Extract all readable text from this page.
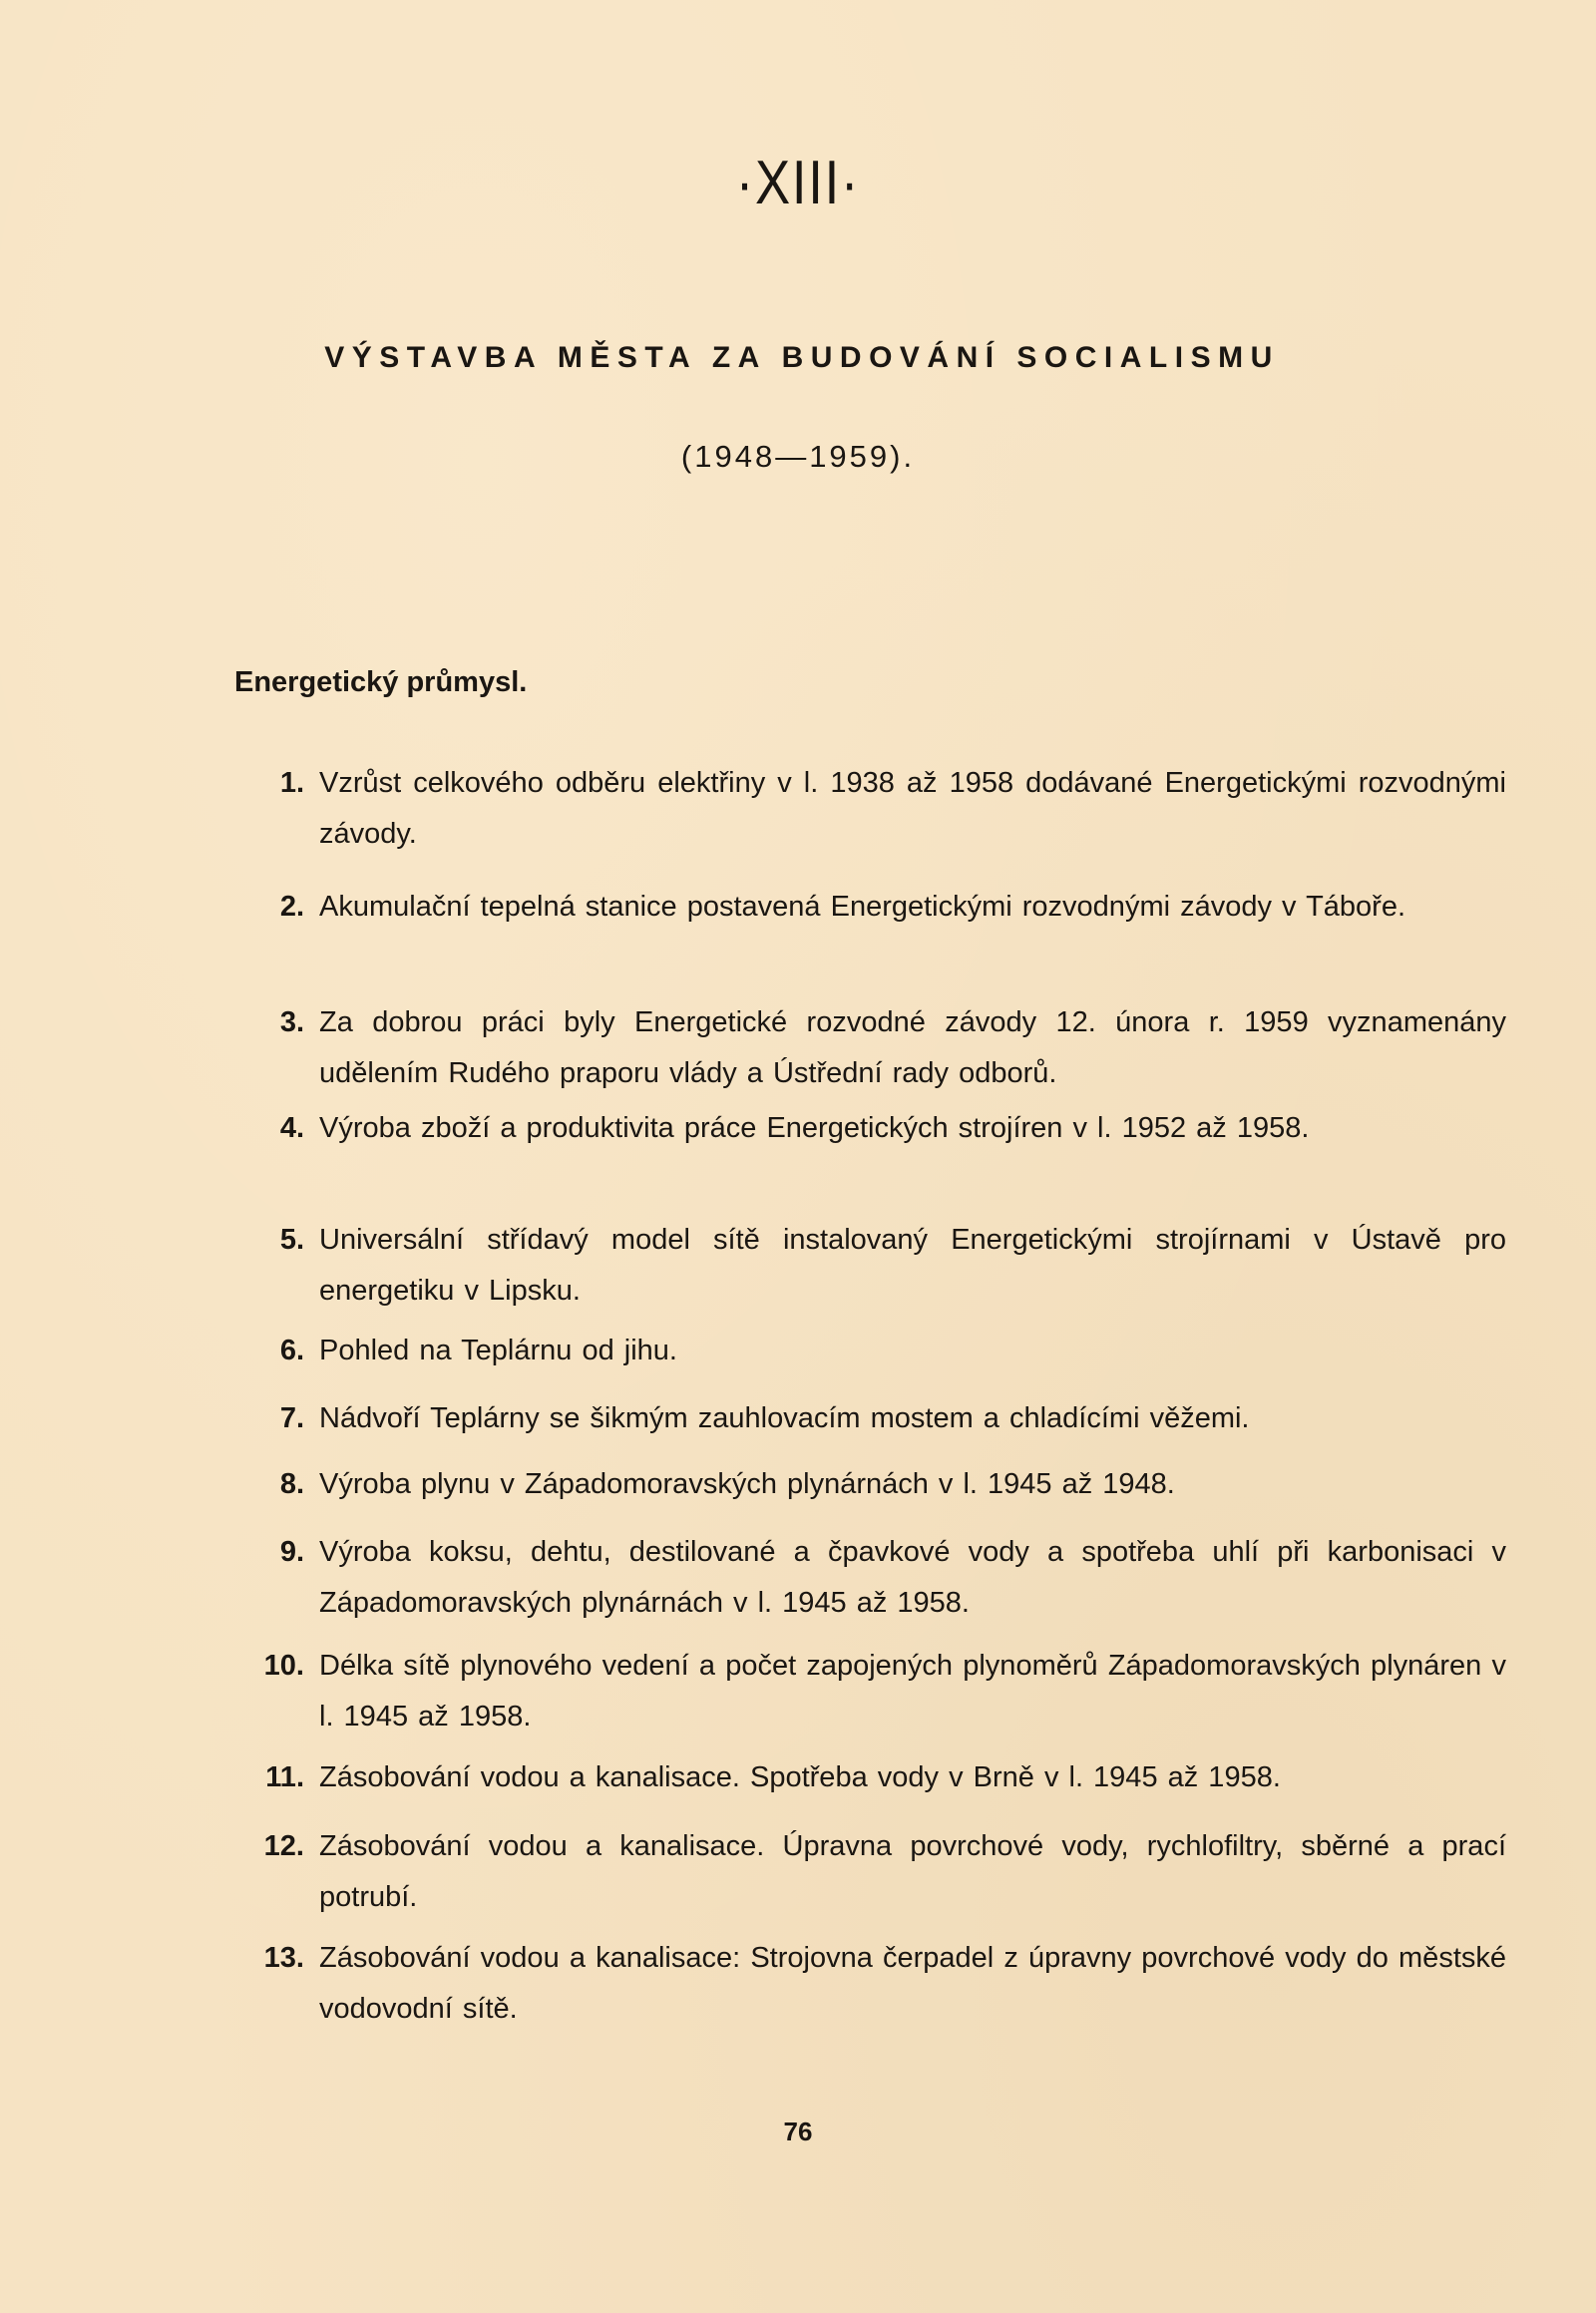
·XIII·
VÝSTAVBA MĚSTA ZA BUDOVÁNÍ SOCIALISMU
(1948—1959).
Energetický průmysl.
1. Vzrůst celkového odběru elektřiny v l. 1938 až 1958 dodávané Energetickými rozvodnými závody.
2. Akumulační tepelná stanice postavená Energetickými rozvodnými závody v Táboře.
3. Za dobrou práci byly Energetické rozvodné závody 12. února r. 1959 vyznamenány udělením Rudého praporu vlády a Ústřední rady odborů.
4. Výroba zboží a produktivita práce Energetických strojíren v l. 1952 až 1958.
5. Universální střídavý model sítě instalovaný Energetickými strojírnami v Ústavě pro energetiku v Lipsku.
6. Pohled na Teplárnu od jihu.
7. Nádvoří Teplárny se šikmým zauhlovacím mostem a chladícími věžemi.
8. Výroba plynu v Západomoravských plynárnách v l. 1945 až 1948.
9. Výroba koksu, dehtu, destilované a čpavkové vody a spotřeba uhlí při karbonisaci v Západomoravských plynárnách v l. 1945 až 1958.
10. Délka sítě plynového vedení a počet zapojených plynoměrů Západomoravských plynáren v l. 1945 až 1958.
11. Zásobování vodou a kanalisace. Spotřeba vody v Brně v l. 1945 až 1958.
12. Zásobování vodou a kanalisace. Úpravna povrchové vody, rychlofiltry, sběrné a prací potrubí.
13. Zásobování vodou a kanalisace: Strojovna čerpadel z úpravny povrchové vody do městské vodovodní sítě.
76
